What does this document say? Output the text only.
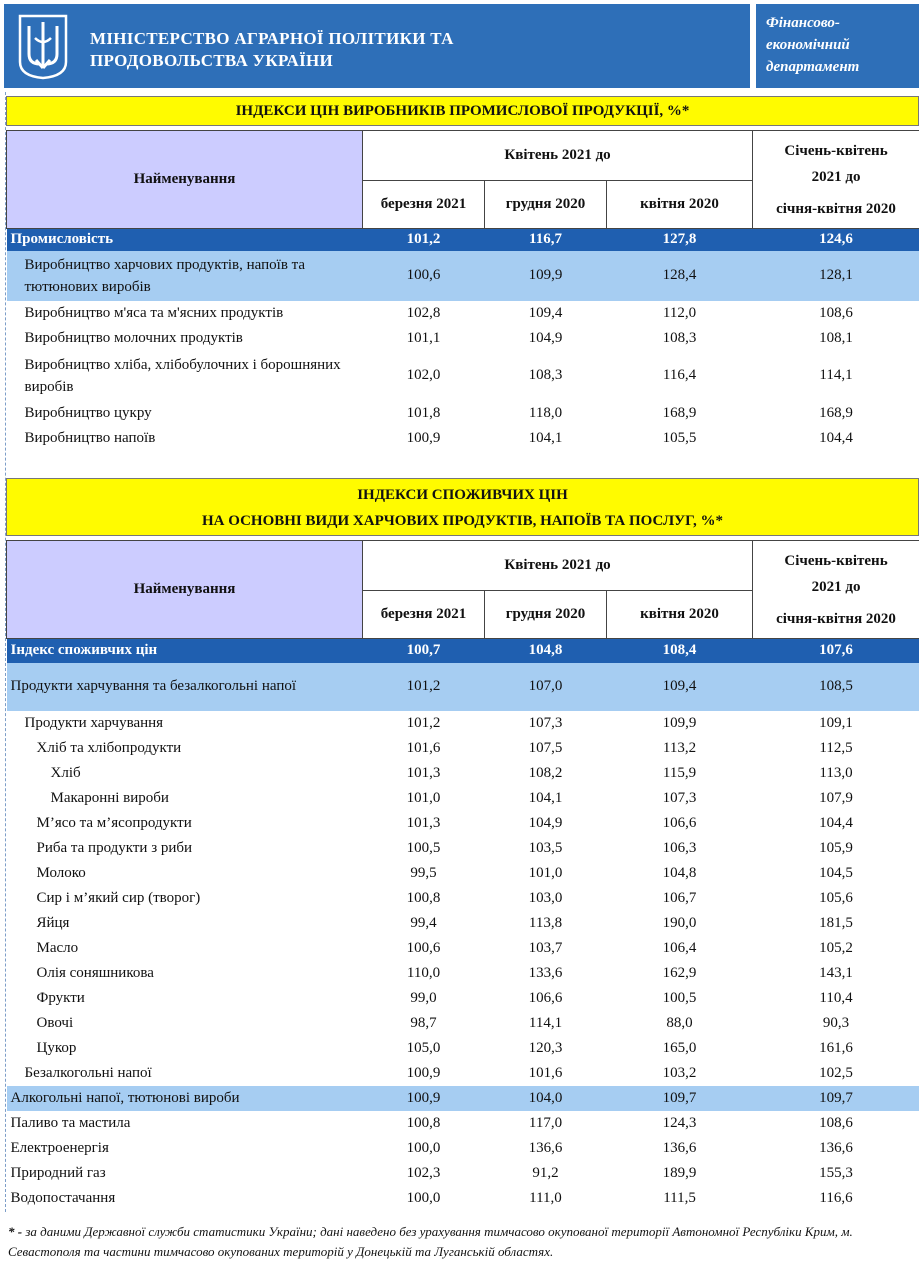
МІНІСТЕРСТВО АГРАРНОЇ ПОЛІТИКИ ТА
ПРОДОВОЛЬСТВА УКРАЇНИ
Фінансово-
економічний
департамент
ІНДЕКСИ ЦІН ВИРОБНИКІВ ПРОМИСЛОВОЇ ПРОДУКЦІЇ, %*
Найменування	Квітень 2021 до			Січень-квітень
2021 до
січня-квітня 2020

	березня 2021	грудня 2020	квітня 2020	
Промисловість	101,2	116,7	127,8	124,6
Виробництво харчових продуктів, напоїв та тютюнових виробів	100,6	109,9	128,4	128,1
Виробництво м'яса та м'ясних продуктів	102,8	109,4	112,0	108,6
Виробництво молочних продуктів	101,1	104,9	108,3	108,1
Виробництво хліба, хлібобулочних і борошняних виробів	102,0	108,3	116,4	114,1
Виробництво цукру	101,8	118,0	168,9	168,9
Виробництво напоїв	100,9	104,1	105,5	104,4
ІНДЕКСИ СПОЖИВЧИХ ЦІН
НА ОСНОВНІ ВИДИ ХАРЧОВИХ ПРОДУКТІВ, НАПОЇВ ТА ПОСЛУГ, %*
Найменування	Квітень 2021 до			Січень-квітень
2021 до
січня-квітня 2020

	березня 2021	грудня 2020	квітня 2020	
Індекс споживчих цін	100,7	104,8	108,4	107,6
Продукти харчування та безалкогольні напої	101,2	107,0	109,4	108,5
Продукти харчування	101,2	107,3	109,9	109,1
Хліб та хлібопродукти	101,6	107,5	113,2	112,5
Хліб	101,3	108,2	115,9	113,0
Макаронні вироби	101,0	104,1	107,3	107,9
М’ясо та м’ясопродукти	101,3	104,9	106,6	104,4
Риба та продукти з риби	100,5	103,5	106,3	105,9
Молоко	99,5	101,0	104,8	104,5
Сир і м’який сир (творог)	100,8	103,0	106,7	105,6
Яйця	99,4	113,8	190,0	181,5
Масло	100,6	103,7	106,4	105,2
Олія соняшникова	110,0	133,6	162,9	143,1
Фрукти	99,0	106,6	100,5	110,4
Овочі	98,7	114,1	88,0	90,3
Цукор	105,0	120,3	165,0	161,6
Безалкогольні напої	100,9	101,6	103,2	102,5
Алкогольні напої, тютюнові вироби	100,9	104,0	109,7	109,7
Паливо та мастила	100,8	117,0	124,3	108,6
Електроенергія	100,0	136,6	136,6	136,6
Природний газ	102,3	91,2	189,9	155,3
Водопостачання	100,0	111,0	111,5	116,6
* - за даними Державної служби статистики України; дані наведено без урахування тимчасово окупованої території Автономної Республіки Крим, м. Севастополя та частини тимчасово окупованих територій у Донецькій та Луганській областях.
